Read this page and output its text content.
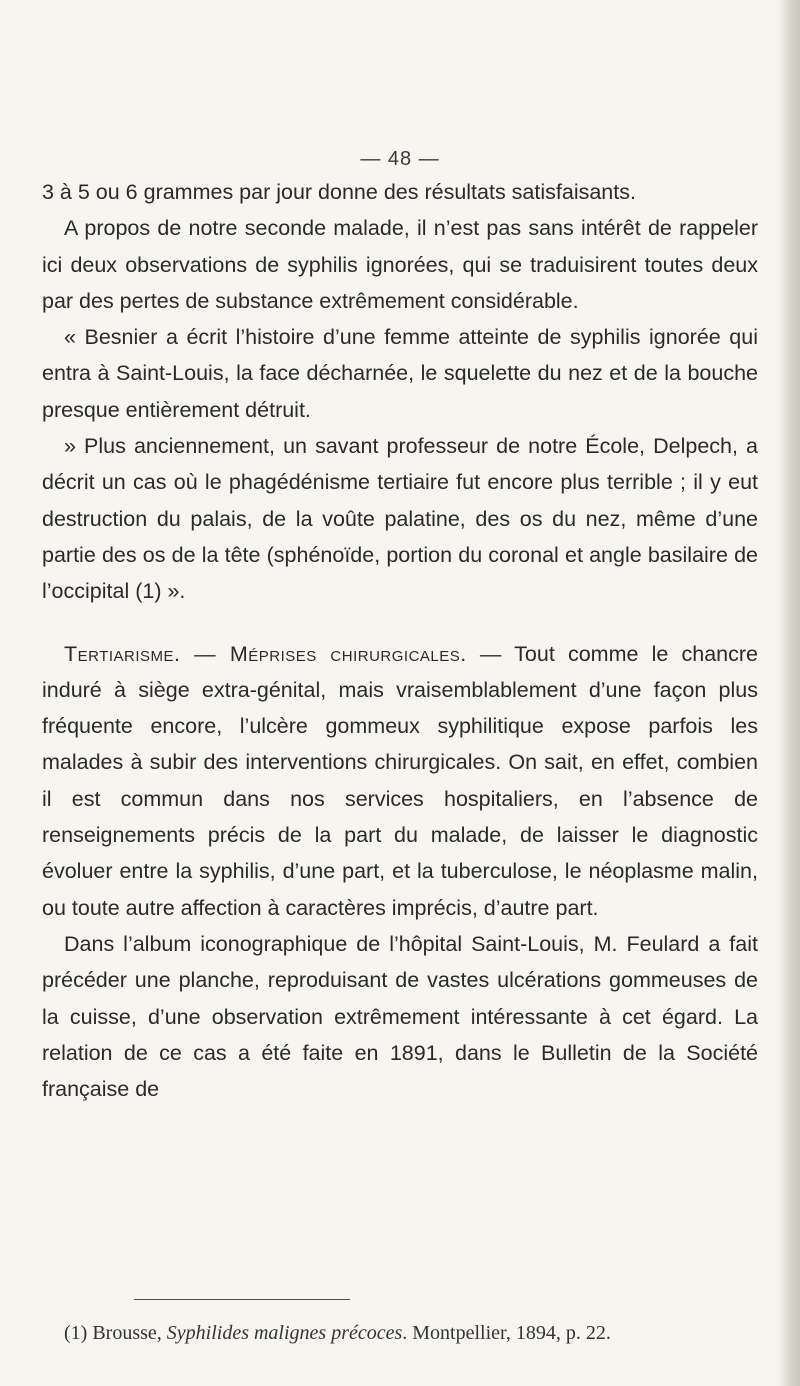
— 48 —

3 à 5 ou 6 grammes par jour donne des résultats satisfaisants.

A propos de notre seconde malade, il n’est pas sans intérêt de rappeler ici deux observations de syphilis ignorées, qui se traduisirent toutes deux par des pertes de substance extrêmement considérable.

« Besnier a écrit l’histoire d’une femme atteinte de syphilis ignorée qui entra à Saint-Louis, la face décharnée, le squelette du nez et de la bouche presque entièrement détruit.

» Plus anciennement, un savant professeur de notre École, Delpech, a décrit un cas où le phagédénisme tertiaire fut encore plus terrible ; il y eut destruction du palais, de la voûte palatine, des os du nez, même d’une partie des os de la tête (sphénoïde, portion du coronal et angle basilaire de l’occipital (1) ».

Tertiarisme. — Méprises chirurgicales. — Tout comme le chancre induré à siège extra-génital, mais vraisemblablement d’une façon plus fréquente encore, l’ulcère gommeux syphilitique expose parfois les malades à subir des interventions chirurgicales. On sait, en effet, combien il est commun dans nos services hospitaliers, en l’absence de renseignements précis de la part du malade, de laisser le diagnostic évoluer entre la syphilis, d’une part, et la tuberculose, le néoplasme malin, ou toute autre affection à caractères imprécis, d’autre part.

Dans l’album iconographique de l’hôpital Saint-Louis, M. Feulard a fait précéder une planche, reproduisant de vastes ulcérations gommeuses de la cuisse, d’une observation extrêmement intéressante à cet égard. La relation de ce cas a été faite en 1891, dans le Bulletin de la Société française de

(1) Brousse, Syphilides malignes précoces. Montpellier, 1894, p. 22.
